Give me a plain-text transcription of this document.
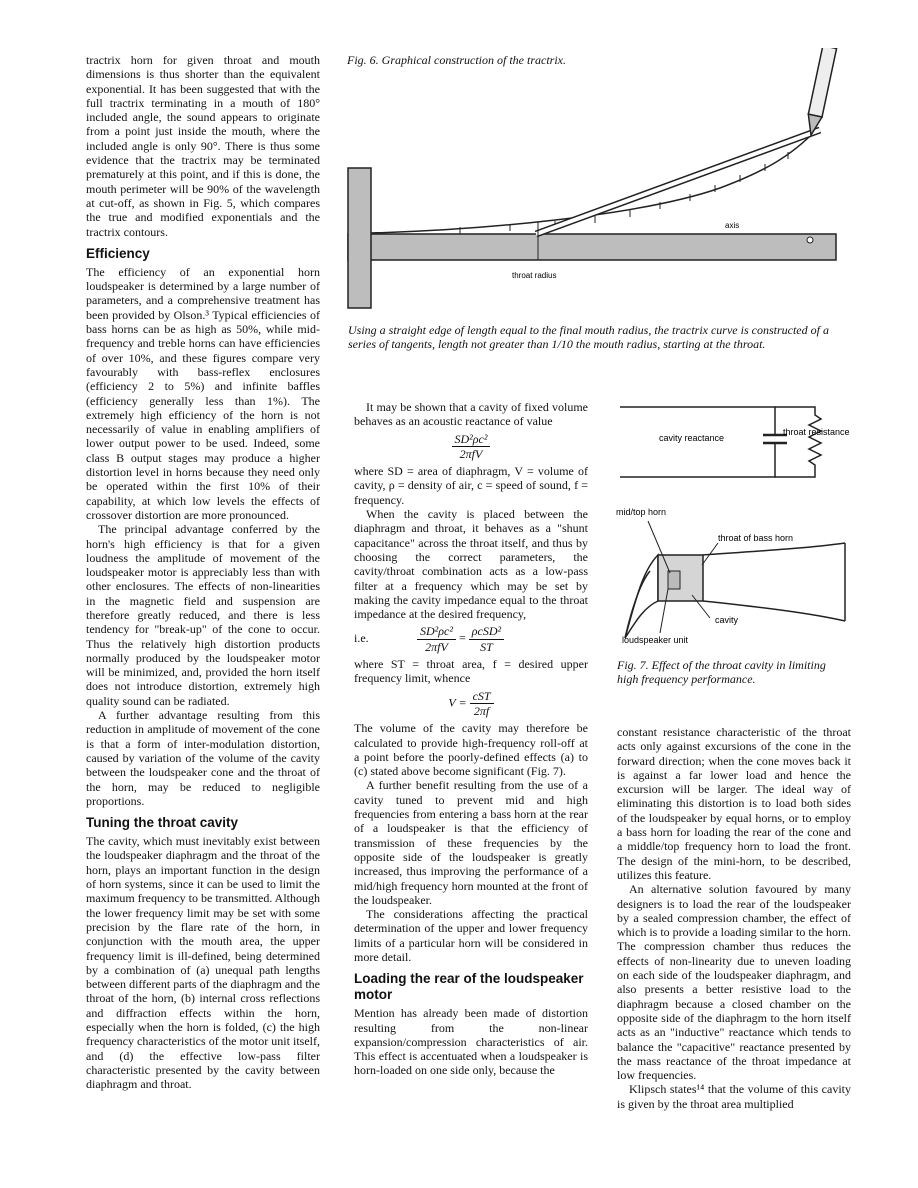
tractrix horn for given throat and mouth dimensions is thus shorter than the equivalent exponential. It has been suggested that with the full tractrix terminating in a mouth of 180° included angle, the sound appears to originate from a point just inside the mouth, where the included angle is only 90°. There is thus some evidence that the tractrix may be terminated prematurely at this point, and if this is done, the mouth perimeter will be 90% of the wavelength at cut-off, as shown in Fig. 5, which compares the true and modified exponentials and the tractrix contours.

Efficiency

The efficiency of an exponential horn loudspeaker is determined by a large number of parameters, and a comprehensive treatment has been provided by Olson.³ Typical efficiencies of bass horns can be as high as 50%, while mid-frequency and treble horns can have efficiencies of over 10%, and these figures compare very favourably with bass-reflex enclosures (efficiency 2 to 5%) and infinite baffles (efficiency generally less than 1%). The extremely high efficiency of the horn is not necessarily of value in enabling amplifiers of lower output power to be used. Indeed, some class B output stages may produce a higher distortion level in horns because they need only be operated within the first 10% of their capability, at which low levels the effects of crossover distortion are more pronounced.

The principal advantage conferred by the horn's high efficiency is that for a given loudness the amplitude of movement of the loudspeaker motor is appreciably less than with other enclosures. The effects of non-linearities in the magnetic field and suspension are therefore greatly reduced, and there is less tendency for "break-up" of the cone to occur. Thus the relatively high distortion products normally produced by the loudspeaker motor will be minimized, and, provided the horn itself does not introduce distortion, extremely high quality sound can be radiated.

A further advantage resulting from this reduction in amplitude of movement of the cone is that a form of inter-modulation distortion, caused by variation of the volume of the cavity between the loudspeaker cone and the throat of the horn, may be reduced to negligible proportions.

Tuning the throat cavity

The cavity, which must inevitably exist between the loudspeaker diaphragm and the throat of the horn, plays an important function in the design of horn systems, since it can be used to limit the maximum frequency to be transmitted. Although the lower frequency limit may be set with some precision by the flare rate of the horn, in conjunction with the mouth area, the upper frequency limit is ill-defined, being determined by a combination of (a) unequal path lengths between different parts of the diaphragm and the throat of the horn, (b) internal cross reflections and diffraction effects within the horn, especially when the horn is folded, (c) the high frequency characteristics of the motor unit itself, and (d) the effective low-pass filter characteristic presented by the cavity between diaphragm and throat.

Fig. 6. Graphical construction of the tractrix.
axis
throat radius
Using a straight edge of length equal to the final mouth radius, the tractrix curve is constructed of a series of tangents, length not greater than 1/10 the mouth radius, starting at the throat.

It may be shown that a cavity of fixed volume behaves as an acoustic reactance of value

$\frac{\text{SD²ρc²}}{\text{2πfV}}$

where SD = area of diaphragm, V = volume of cavity, ρ = density of air, c = speed of sound, f = frequency.

When the cavity is placed between the diaphragm and throat, it behaves as a "shunt capacitance" across the throat itself, and thus by choosing the correct parameters, the cavity/throat combination acts as a low-pass filter at a frequency which may be set by making the cavity impedance equal to the throat impedance at the desired frequency,

i.e.	$\frac{\text{SD²ρc²}}{\text{2πfV}} = \frac{\text{ρcSD²}}{ST}$

where ST = throat area, f = desired upper frequency limit, whence

$V = \frac{\text{cST}}{2\pi f}$

The volume of the cavity may therefore be calculated to provide high-frequency roll-off at a point before the poorly-defined effects (a) to (c) stated above become significant (Fig. 7).

A further benefit resulting from the use of a cavity tuned to prevent mid and high frequencies from entering a bass horn at the rear of a loudspeaker is that the efficiency of transmission of these frequencies by the opposite side of the loudspeaker is greatly increased, thus improving the performance of a mid/high frequency horn mounted at the front of the loudspeaker.

The considerations affecting the practical determination of the upper and lower frequency limits of a particular horn will be considered in more detail.

Loading the rear of the loudspeaker motor

Mention has already been made of distortion resulting from the non-linear expansion/compression characteristics of air. This effect is accentuated when a loudspeaker is horn-loaded on one side only, because the

cavity reactance
throat resistance
mid/top horn
throat of bass horn
cavity
loudspeaker unit
Fig. 7. Effect of the throat cavity in limiting high frequency performance.

constant resistance characteristic of the throat acts only against excursions of the cone in the forward direction; when the cone moves back it is against a far lower load and hence the excursion will be larger. The ideal way of eliminating this distortion is to load both sides of the loudspeaker by equal horns, or to employ a bass horn for loading the rear of the cone and a middle/top frequency horn to load the front. The design of the mini-horn, to be described, utilizes this feature.

An alternative solution favoured by many designers is to load the rear of the loudspeaker by a sealed compression chamber, the effect of which is to provide a loading similar to the horn. The compression chamber thus reduces the effects of non-linearity due to uneven loading on each side of the loudspeaker diaphragm, and also presents a better resistive load to the diaphragm because a closed chamber on the opposite side of the diaphragm to the horn itself acts as an "inductive" reactance which tends to balance the "capacitive" reactance presented by the mass reactance of the throat impedance at low frequencies.

Klipsch states¹⁴ that the volume of this cavity is given by the throat area multiplied
